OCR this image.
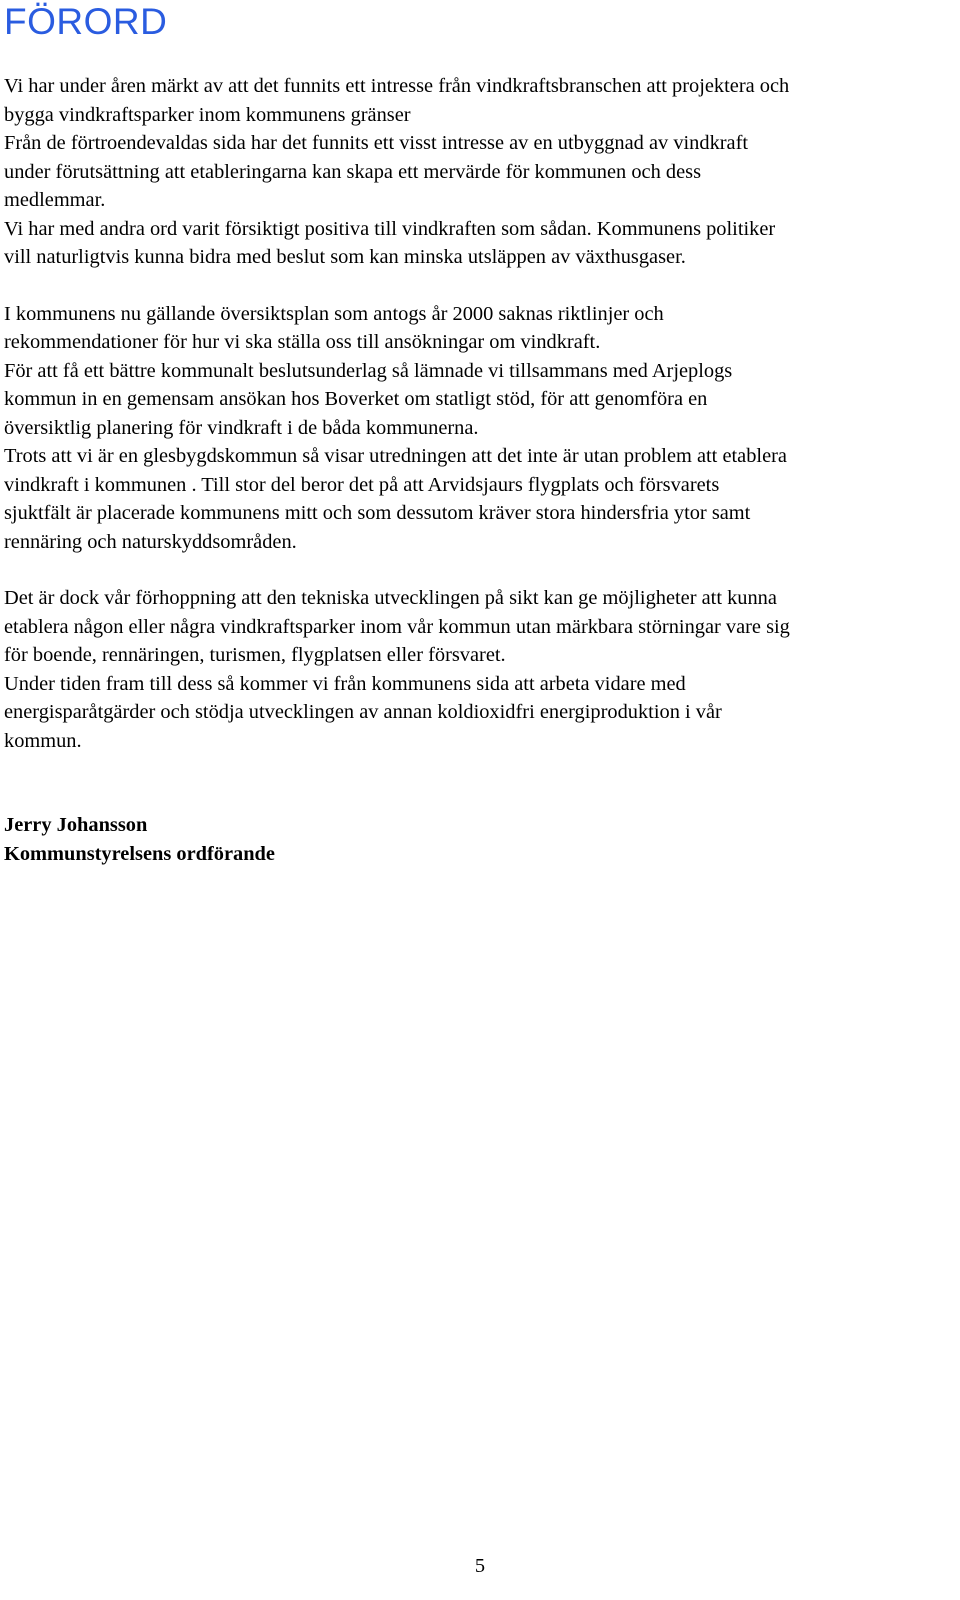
FÖRORD

Vi har under åren märkt av att det funnits ett intresse från vindkraftsbranschen att projektera och

bygga vindkraftsparker inom kommunens gränser

Från de förtroendevaldas sida har det funnits ett visst intresse av en utbyggnad av vindkraft

under förutsättning att etableringarna kan skapa ett mervärde för kommunen och dess

medlemmar.

Vi har med andra ord varit försiktigt positiva till vindkraften som sådan. Kommunens politiker

vill naturligtvis kunna bidra med beslut som kan minska utsläppen av växthusgaser.

I kommunens nu gällande översiktsplan som antogs år 2000 saknas riktlinjer och

rekommendationer för hur vi ska ställa oss till ansökningar om vindkraft.

För att få ett bättre kommunalt beslutsunderlag så lämnade vi tillsammans med Arjeplogs

kommun in en gemensam ansökan hos Boverket om statligt stöd, för att genomföra en

översiktlig planering för vindkraft i de båda kommunerna.

Trots att vi är en glesbygdskommun så visar utredningen att det inte är utan problem att etablera

vindkraft i kommunen . Till stor del beror det på att Arvidsjaurs flygplats och försvarets

sjuktfält är placerade kommunens mitt och som dessutom kräver stora hindersfria ytor samt

rennäring och naturskyddsområden.

Det är dock vår förhoppning att den tekniska utvecklingen på sikt kan ge möjligheter att kunna

etablera någon eller några vindkraftsparker inom vår kommun utan märkbara störningar vare sig

för boende, rennäringen, turismen, flygplatsen eller försvaret.

Under tiden fram till dess så kommer vi från kommunens sida att arbeta vidare med

energisparåtgärder och stödja utvecklingen av annan koldioxidfri energiproduktion i vår

kommun.

Jerry Johansson

Kommunstyrelsens ordförande

5
